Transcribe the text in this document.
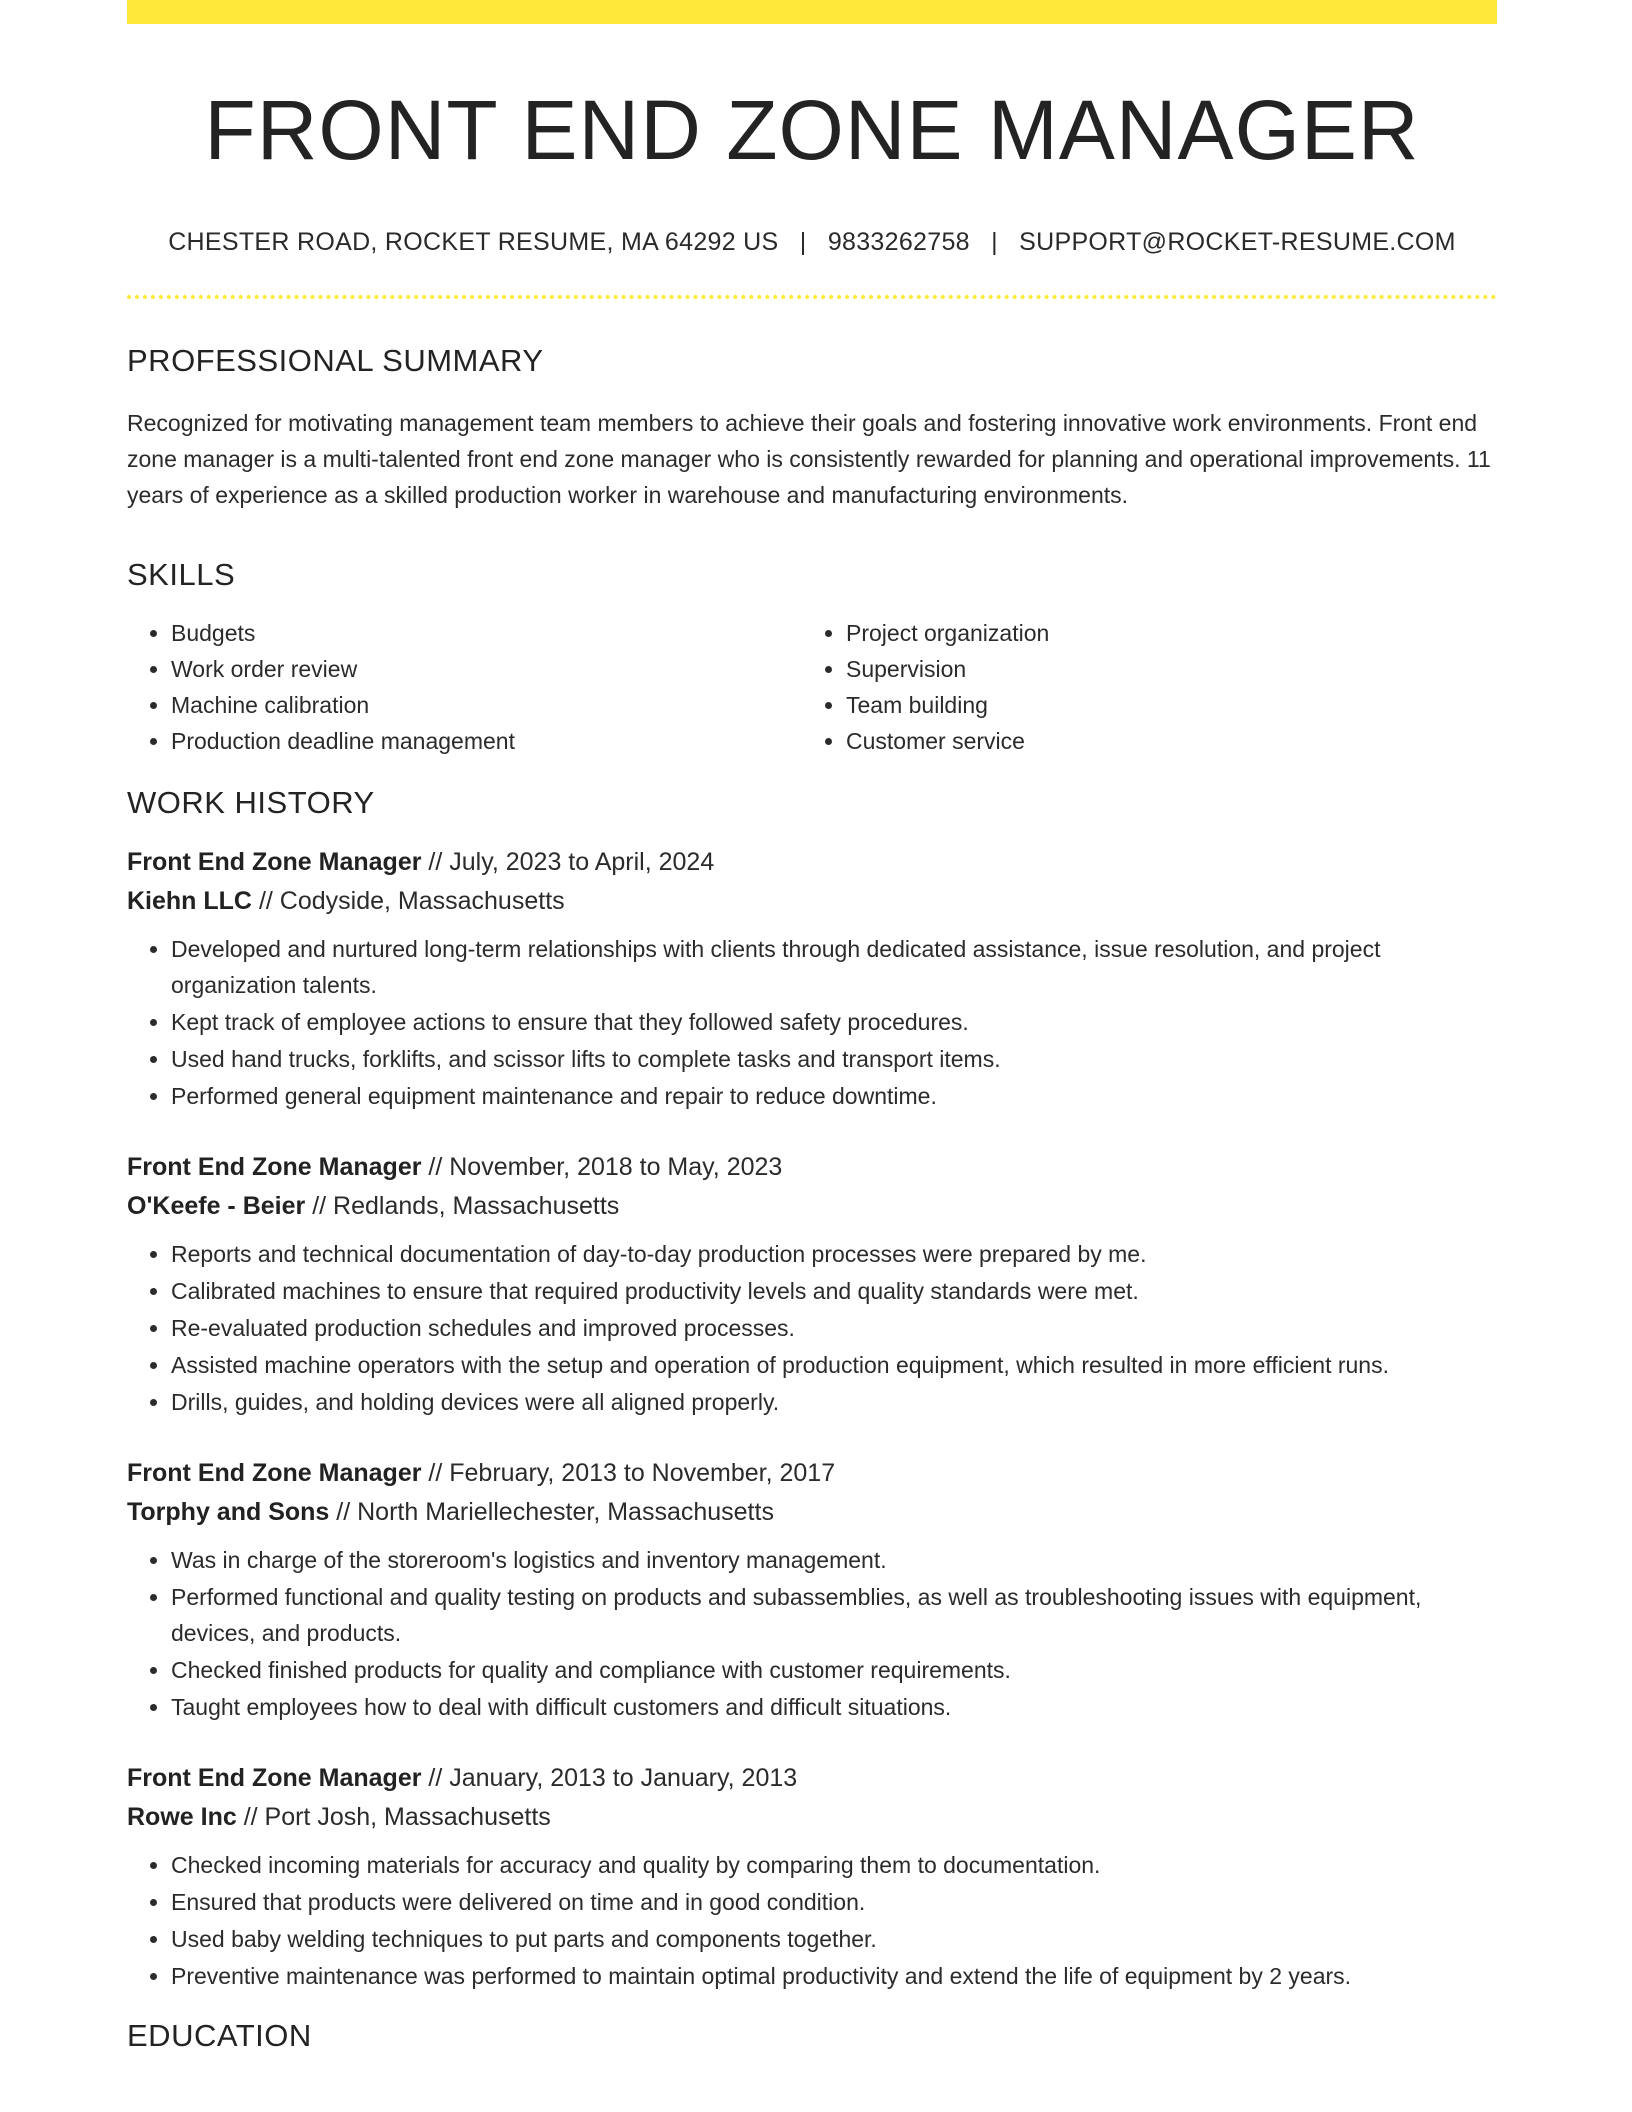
FRONT END ZONE MANAGER
CHESTER ROAD, ROCKET RESUME, MA 64292 US | 9833262758 | SUPPORT@ROCKET-RESUME.COM
PROFESSIONAL SUMMARY

Recognized for motivating management team members to achieve their goals and fostering innovative work environments. Front end zone manager is a multi-talented front end zone manager who is consistently rewarded for planning and operational improvements. 11 years of experience as a skilled production worker in warehouse and manufacturing environments.

SKILLS
• Budgets
• Work order review
• Machine calibration
• Production deadline management
• Project organization
• Supervision
• Team building
• Customer service
WORK HISTORY
Front End Zone Manager // July, 2023 to April, 2024
Kiehn LLC // Codyside, Massachusetts
• Developed and nurtured long-term relationships with clients through dedicated assistance, issue resolution, and project organization talents.
• Kept track of employee actions to ensure that they followed safety procedures.
• Used hand trucks, forklifts, and scissor lifts to complete tasks and transport items.
• Performed general equipment maintenance and repair to reduce downtime.
Front End Zone Manager // November, 2018 to May, 2023
O'Keefe - Beier // Redlands, Massachusetts
• Reports and technical documentation of day-to-day production processes were prepared by me.
• Calibrated machines to ensure that required productivity levels and quality standards were met.
• Re-evaluated production schedules and improved processes.
• Assisted machine operators with the setup and operation of production equipment, which resulted in more efficient runs.
• Drills, guides, and holding devices were all aligned properly.
Front End Zone Manager // February, 2013 to November, 2017
Torphy and Sons // North Mariellechester, Massachusetts
• Was in charge of the storeroom's logistics and inventory management.
• Performed functional and quality testing on products and subassemblies, as well as troubleshooting issues with equipment, devices, and products.
• Checked finished products for quality and compliance with customer requirements.
• Taught employees how to deal with difficult customers and difficult situations.
Front End Zone Manager // January, 2013 to January, 2013
Rowe Inc // Port Josh, Massachusetts
• Checked incoming materials for accuracy and quality by comparing them to documentation.
• Ensured that products were delivered on time and in good condition.
• Used baby welding techniques to put parts and components together.
• Preventive maintenance was performed to maintain optimal productivity and extend the life of equipment by 2 years.
EDUCATION
